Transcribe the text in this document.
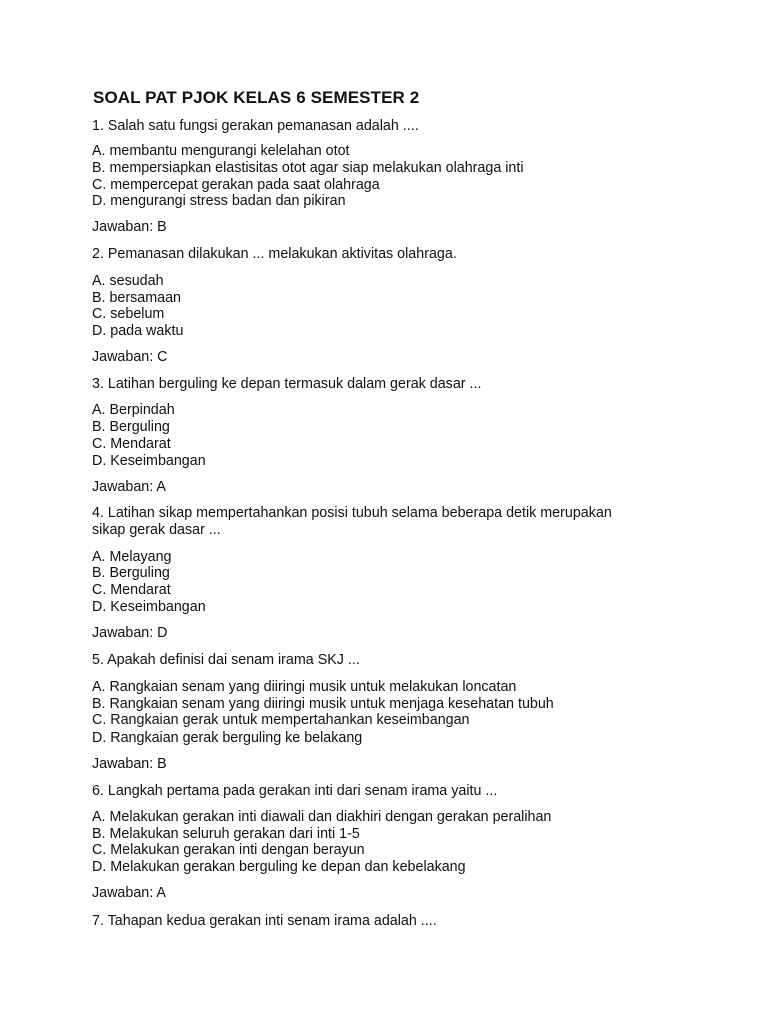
SOAL PAT PJOK KELAS 6 SEMESTER 2

1. Salah satu fungsi gerakan pemanasan adalah ....

A. membantu mengurangi kelelahan otot

B. mempersiapkan elastisitas otot agar siap melakukan olahraga inti

C. mempercepat gerakan pada saat olahraga

D. mengurangi stress badan dan pikiran

Jawaban: B

2. Pemanasan dilakukan ... melakukan aktivitas olahraga.

A. sesudah

B. bersamaan

C. sebelum

D. pada waktu

Jawaban: C

3. Latihan berguling ke depan termasuk dalam gerak dasar ...

A. Berpindah

B. Berguling

C. Mendarat

D. Keseimbangan

Jawaban: A

4. Latihan sikap mempertahankan posisi tubuh selama beberapa detik merupakan

sikap gerak dasar ...

A. Melayang

B. Berguling

C. Mendarat

D. Keseimbangan

Jawaban: D

5. Apakah definisi dai senam irama SKJ ...

A. Rangkaian senam yang diiringi musik untuk melakukan loncatan

B. Rangkaian senam yang diiringi musik untuk menjaga kesehatan tubuh

C. Rangkaian gerak untuk mempertahankan keseimbangan

D. Rangkaian gerak berguling ke belakang

Jawaban: B

6. Langkah pertama pada gerakan inti dari senam irama yaitu ...

A. Melakukan gerakan inti diawali dan diakhiri dengan gerakan peralihan

B. Melakukan seluruh gerakan dari inti 1-5

C. Melakukan gerakan inti dengan berayun

D. Melakukan gerakan berguling ke depan dan kebelakang

Jawaban: A

7. Tahapan kedua gerakan inti senam irama adalah ....
